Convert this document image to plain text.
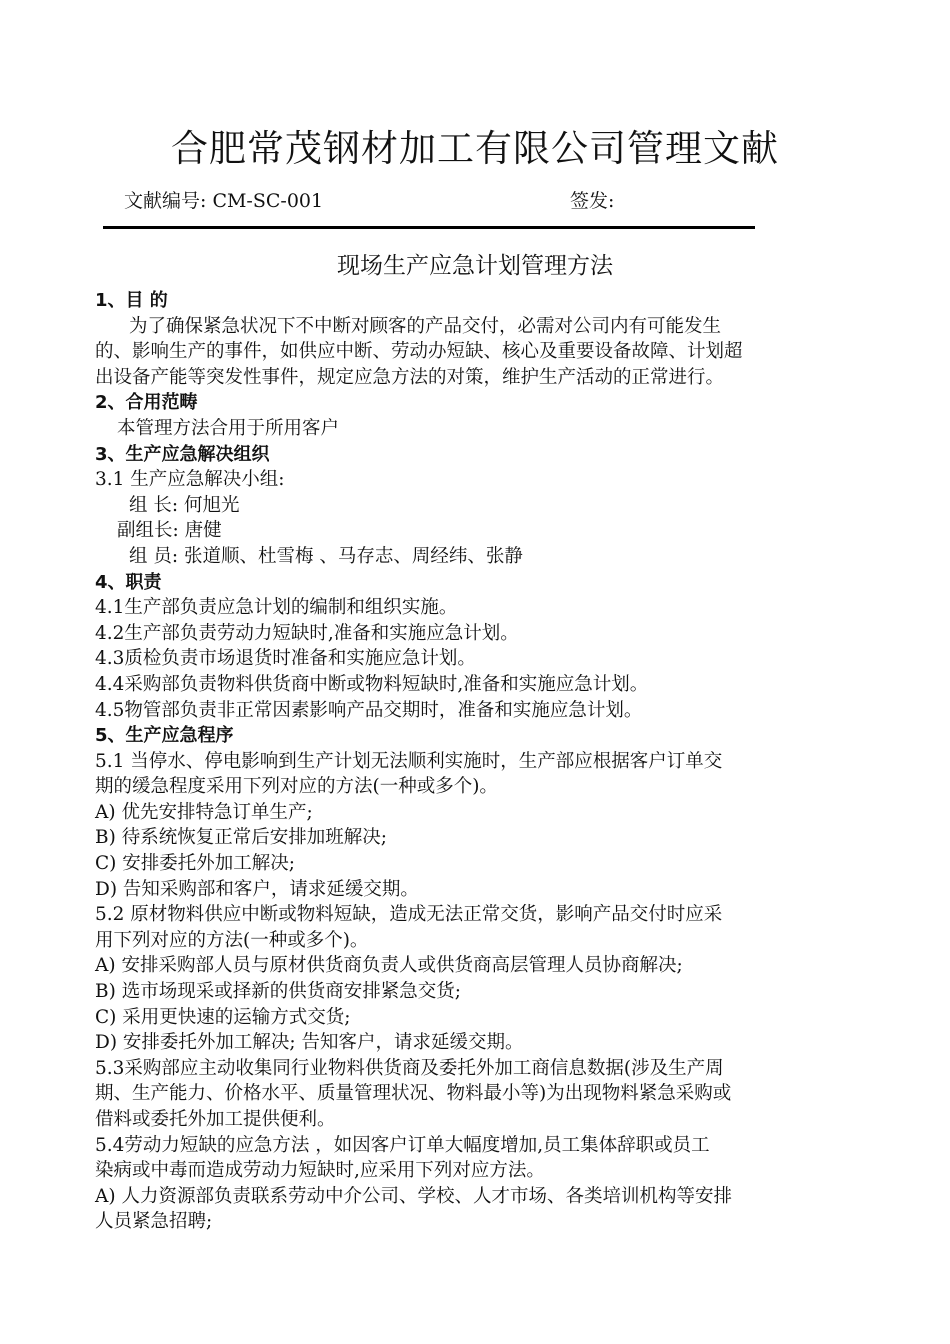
合肥常茂钢材加工有限公司管理文献
文献编号: CM-SC-001	签发:
现场生产应急计划管理方法
1、目 的
为了确保紧急状况下不中断对顾客的产品交付，必需对公司内有可能发生
的、影响生产的事件，如供应中断、劳动办短缺、核心及重要设备故障、计划超
出设备产能等突发性事件，规定应急方法的对策，维护生产活动的正常进行。
2、合用范畴
本管理方法合用于所用客户
3、生产应急解决组织
3.1 生产应急解决小组:
组 长: 何旭光
副组长: 唐健
组 员: 张道顺、杜雪梅 、马存志、周经纬、张静
4、职责
4.1生产部负责应急计划的编制和组织实施。
4.2生产部负责劳动力短缺时,准备和实施应急计划。
4.3质检负责市场退货时准备和实施应急计划。
4.4采购部负责物料供货商中断或物料短缺时,准备和实施应急计划。
4.5物管部负责非正常因素影响产品交期时，准备和实施应急计划。
5、生产应急程序
5.1 当停水、停电影响到生产计划无法顺利实施时，生产部应根据客户订单交
期的缓急程度采用下列对应的方法(一种或多个)。
A) 优先安排特急订单生产;
B) 待系统恢复正常后安排加班解决;
C) 安排委托外加工解决;
D) 告知采购部和客户，请求延缓交期。
5.2 原材物料供应中断或物料短缺，造成无法正常交货，影响产品交付时应采
用下列对应的方法(一种或多个)。
A) 安排采购部人员与原材供货商负责人或供货商高层管理人员协商解决;
B) 选市场现采或择新的供货商安排紧急交货;
C) 采用更快速的运输方式交货;
D) 安排委托外加工解决; 告知客户，请求延缓交期。
5.3采购部应主动收集同行业物料供货商及委托外加工商信息数据(涉及生产周
期、生产能力、价格水平、质量管理状况、物料最小等)为出现物料紧急采购或
借料或委托外加工提供便利。
5.4劳动力短缺的应急方法 ，如因客户订单大幅度增加,员工集体辞职或员工
染病或中毒而造成劳动力短缺时,应采用下列对应方法。
A) 人力资源部负责联系劳动中介公司、学校、人才市场、各类培训机构等安排
人员紧急招聘;
